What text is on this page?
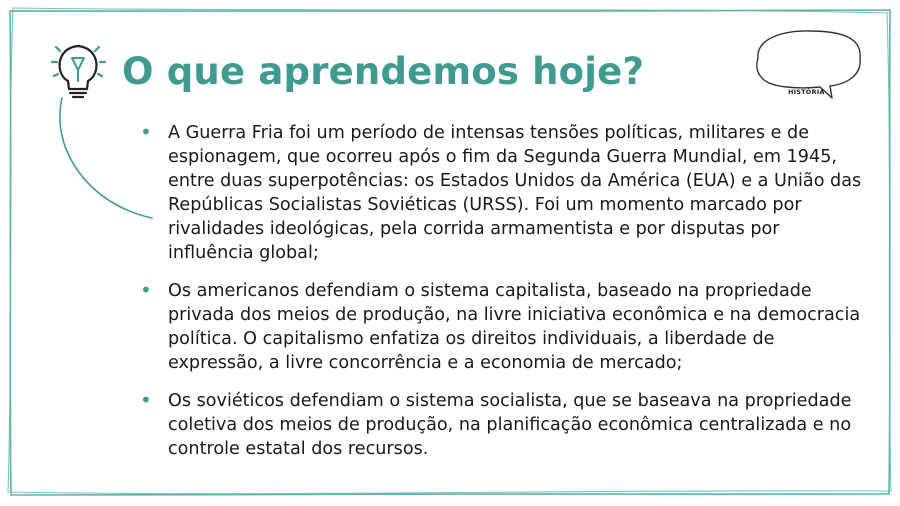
HISTÓRIA
O que aprendemos hoje?
• A Guerra Fria foi um período de intensas tensões políticas, militares e de espionagem, que ocorreu após o fim da Segunda Guerra Mundial, em 1945, entre duas superpotências: os Estados Unidos da América (EUA) e a União das Repúblicas Socialistas Soviéticas (URSS). Foi um momento marcado por rivalidades ideológicas, pela corrida armamentista e por disputas por influência global;
• Os americanos defendiam o sistema capitalista, baseado na propriedade privada dos meios de produção, na livre iniciativa econômica e na democracia política. O capitalismo enfatiza os direitos individuais, a liberdade de expressão, a livre concorrência e a economia de mercado;
• Os soviéticos defendiam o sistema socialista, que se baseava na propriedade coletiva dos meios de produção, na planificação econômica centralizada e no controle estatal dos recursos.
